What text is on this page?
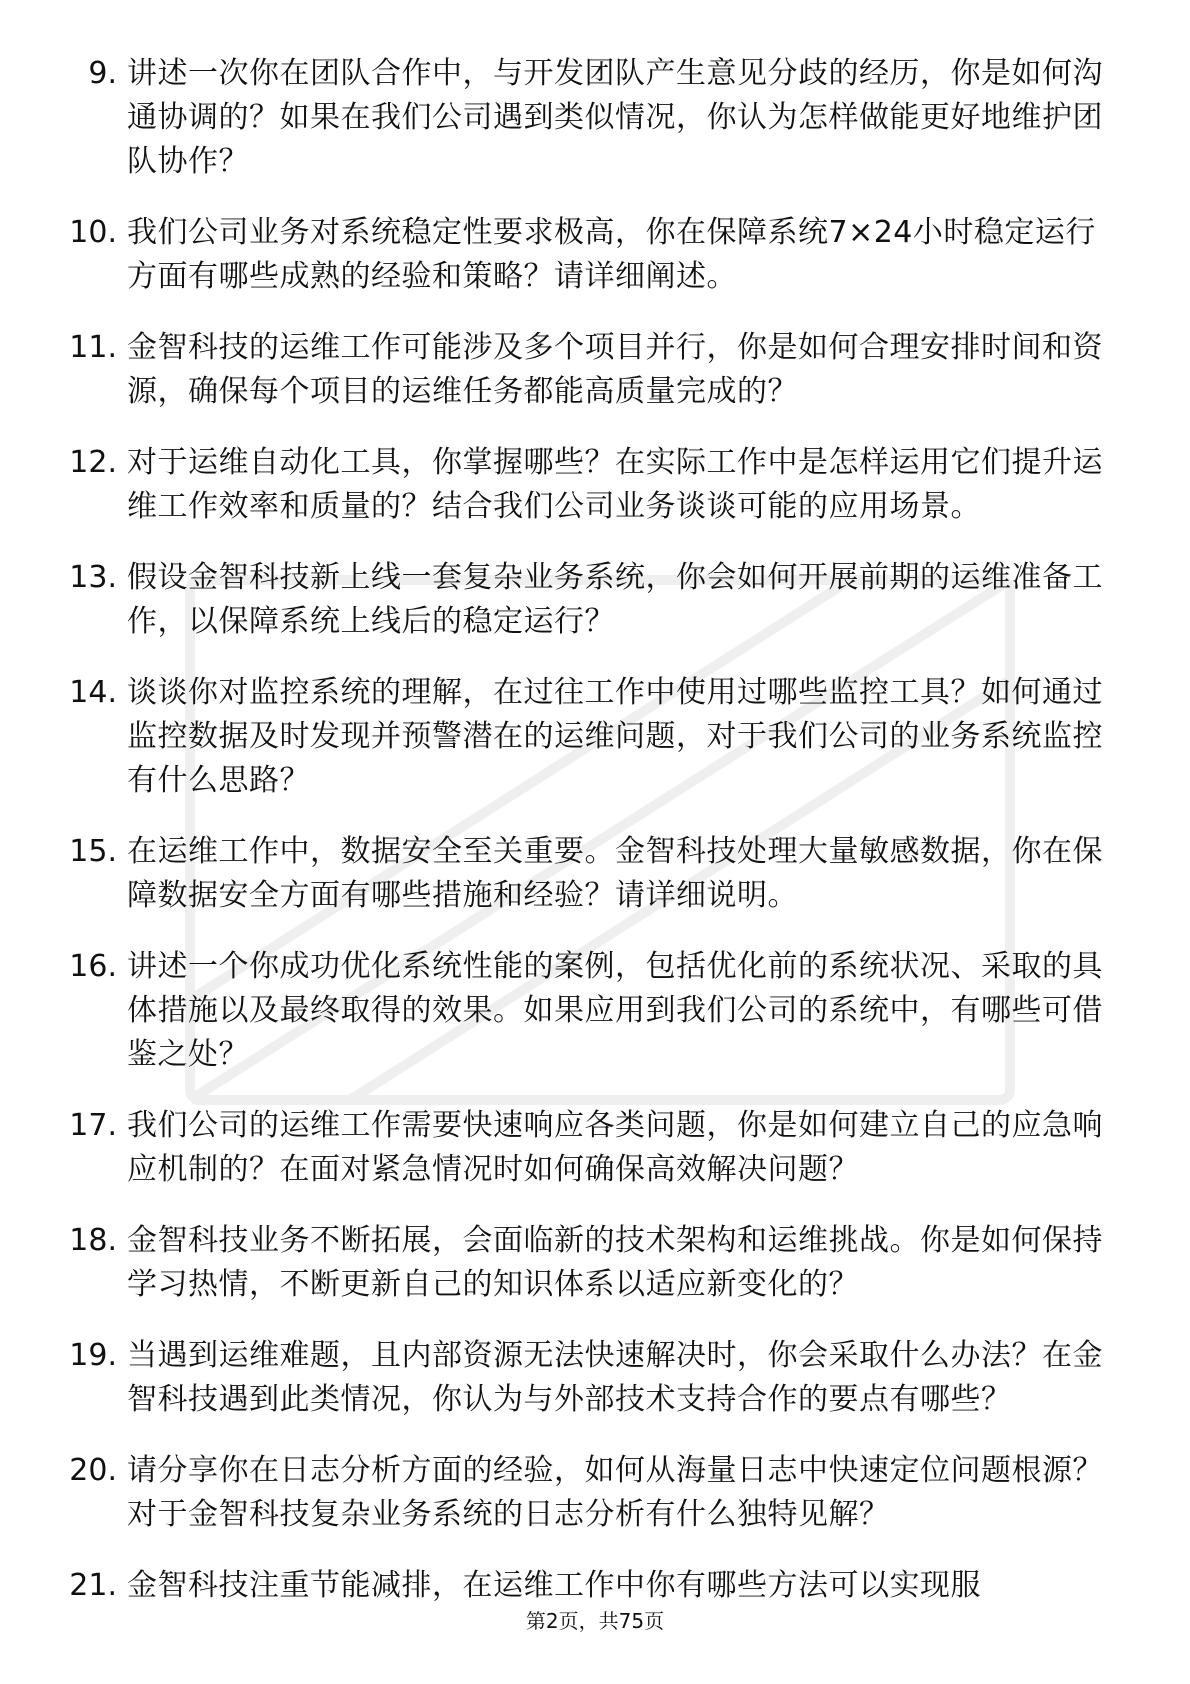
9. 讲述一次你在团队合作中，与开发团队产生意见分歧的经历，你是如何沟通协调的？如果在我们公司遇到类似情况，你认为怎样做能更好地维护团队协作？
10. 我们公司业务对系统稳定性要求极高，你在保障系统7×24小时稳定运行方面有哪些成熟的经验和策略？请详细阐述。
11. 金智科技的运维工作可能涉及多个项目并行，你是如何合理安排时间和资源，确保每个项目的运维任务都能高质量完成的？
12. 对于运维自动化工具，你掌握哪些？在实际工作中是怎样运用它们提升运维工作效率和质量的？结合我们公司业务谈谈可能的应用场景。
13. 假设金智科技新上线一套复杂业务系统，你会如何开展前期的运维准备工作，以保障系统上线后的稳定运行？
14. 谈谈你对监控系统的理解，在过往工作中使用过哪些监控工具？如何通过监控数据及时发现并预警潜在的运维问题，对于我们公司的业务系统监控有什么思路？
15. 在运维工作中，数据安全至关重要。金智科技处理大量敏感数据，你在保障数据安全方面有哪些措施和经验？请详细说明。
16. 讲述一个你成功优化系统性能的案例，包括优化前的系统状况、采取的具体措施以及最终取得的效果。如果应用到我们公司的系统中，有哪些可借鉴之处？
17. 我们公司的运维工作需要快速响应各类问题，你是如何建立自己的应急响应机制的？在面对紧急情况时如何确保高效解决问题？
18. 金智科技业务不断拓展，会面临新的技术架构和运维挑战。你是如何保持学习热情，不断更新自己的知识体系以适应新变化的？
19. 当遇到运维难题，且内部资源无法快速解决时，你会采取什么办法？在金智科技遇到此类情况，你认为与外部技术支持合作的要点有哪些？
20. 请分享你在日志分析方面的经验，如何从海量日志中快速定位问题根源？对于金智科技复杂业务系统的日志分析有什么独特见解？
21. 金智科技注重节能减排，在运维工作中你有哪些方法可以实现服
第2页，共75页
